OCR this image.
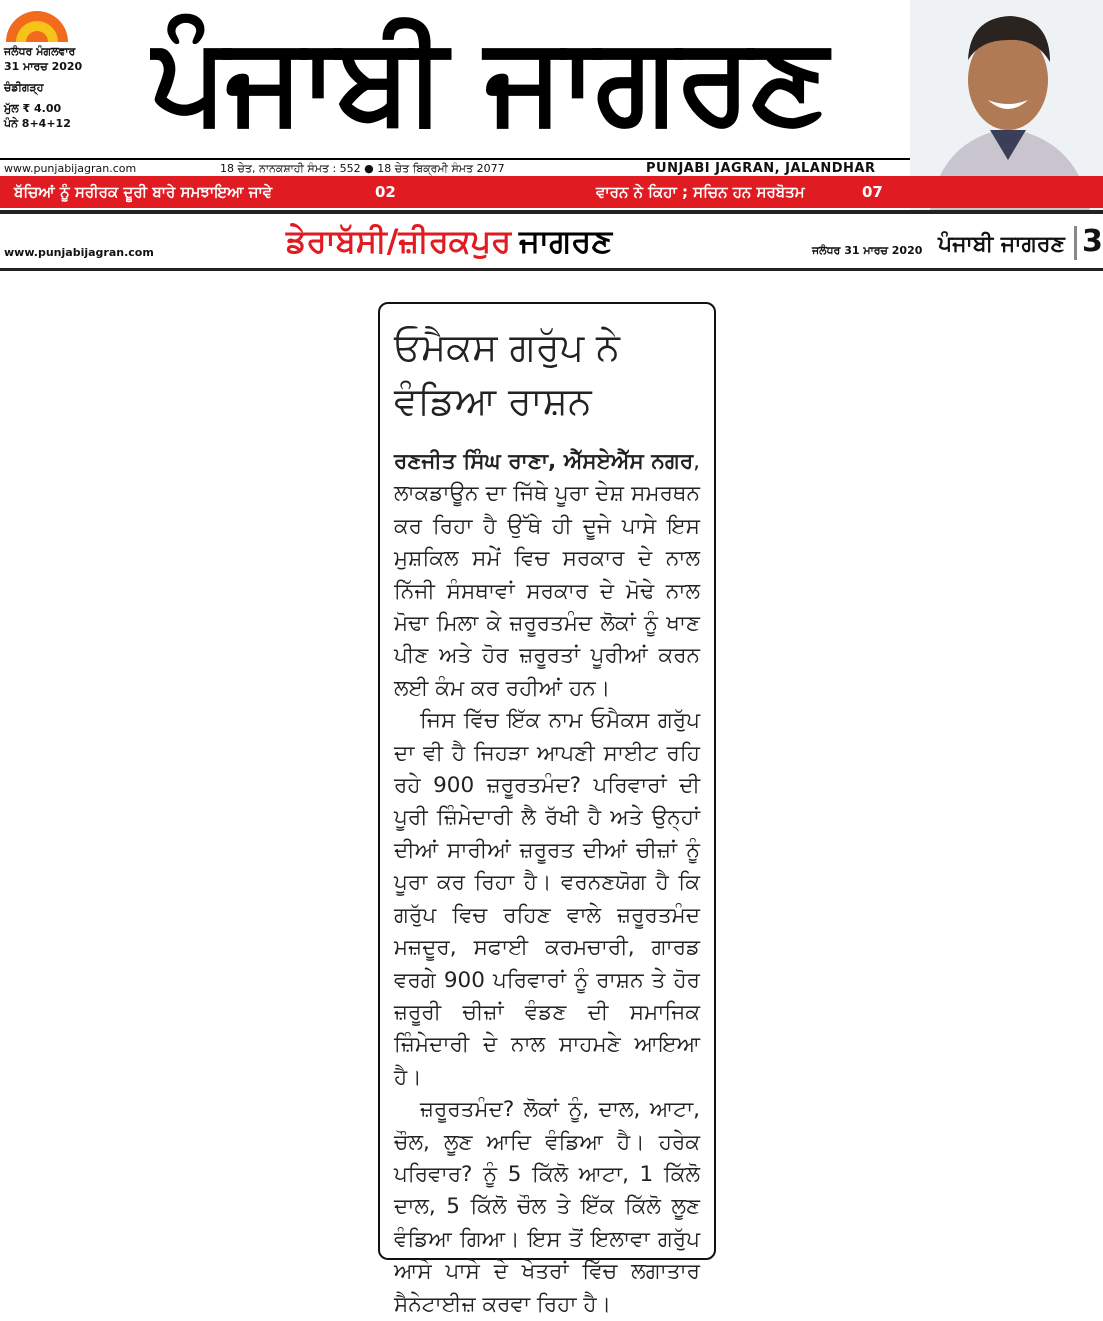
ਜਲੰਧਰ ਮੰਗਲਵਾਰ
31 ਮਾਰਚ 2020
ਚੰਡੀਗੜ੍ਹ
ਮੁੱਲ ₹ 4.00
ਪੰਨੇ 8+4+12 ਪੰਜਾਬੀ ਜਾਗਰਣ
www.punjabijagran.com	18 ਚੇਤ, ਨਾਨਕਸ਼ਾਹੀ ਸੰਮਤ : 552 ● 18 ਚੇਤ ਬਿਕ੍ਰਮੀ ਸੰਮਤ 2077	PUNJABI JAGRAN, JALANDHAR
ਬੱਚਿਆਂ ਨੂੰ ਸਰੀਰਕ ਦੂਰੀ ਬਾਰੇ ਸਮਝਾਇਆ ਜਾਵੇ	02	ਵਾਰਨ ਨੇ ਕਿਹਾ ; ਸਚਿਨ ਹਨ ਸਰਬੋਤਮ	07
www.punjabijagran.com	ਡੇਰਾਬੱਸੀ/ਜ਼ੀਰਕਪੁਰ ਜਾਗਰਣ	ਜਲੰਧਰ 31 ਮਾਰਚ 2020 ਪੰਜਾਬੀ ਜਾਗਰਣ 3
ਓਮੈਕਸ ਗਰੁੱਪ ਨੇ
ਵੰਡਿਆ ਰਾਸ਼ਨ

ਰਣਜੀਤ ਸਿੰਘ ਰਾਣਾ, ਐੱਸਏਐੱਸ ਨਗਰ, ਲਾਕਡਾਊਨ ਦਾ ਜਿੱਥੇ ਪੂਰਾ ਦੇਸ਼ ਸਮਰਥਨ ਕਰ ਰਿਹਾ ਹੈ ਉੱਥੇ ਹੀ ਦੂਜੇ ਪਾਸੇ ਇਸ ਮੁਸ਼ਕਿਲ ਸਮੇਂ ਵਿਚ ਸਰਕਾਰ ਦੇ ਨਾਲ ਨਿੱਜੀ ਸੰਸਥਾਵਾਂ ਸਰਕਾਰ ਦੇ ਮੋਢੇ ਨਾਲ ਮੋਢਾ ਮਿਲਾ ਕੇ ਜ਼ਰੂਰਤਮੰਦ ਲੋਕਾਂ ਨੂੰ ਖਾਣ ਪੀਣ ਅਤੇ ਹੋਰ ਜ਼ਰੂਰਤਾਂ ਪੂਰੀਆਂ ਕਰਨ ਲਈ ਕੰਮ ਕਰ ਰਹੀਆਂ ਹਨ।

ਜਿਸ ਵਿੱਚ ਇੱਕ ਨਾਮ ਓਮੈਕਸ ਗਰੁੱਪ ਦਾ ਵੀ ਹੈ ਜਿਹੜਾ ਆਪਣੀ ਸਾਈਟ ਰਹਿ ਰਹੇ 900 ਜ਼ਰੂਰਤਮੰਦ? ਪਰਿਵਾਰਾਂ ਦੀ ਪੂਰੀ ਜ਼ਿੰਮੇਦਾਰੀ ਲੈ ਰੱਖੀ ਹੈ ਅਤੇ ਉਨ੍ਹਾਂ ਦੀਆਂ ਸਾਰੀਆਂ ਜ਼ਰੂਰਤ ਦੀਆਂ ਚੀਜ਼ਾਂ ਨੂੰ ਪੂਰਾ ਕਰ ਰਿਹਾ ਹੈ। ਵਰਨਣਯੋਗ ਹੈ ਕਿ ਗਰੁੱਪ ਵਿਚ ਰਹਿਣ ਵਾਲੇ ਜ਼ਰੂਰਤਮੰਦ ਮਜ਼ਦੂਰ, ਸਫਾਈ ਕਰਮਚਾਰੀ, ਗਾਰਡ ਵਰਗੇ 900 ਪਰਿਵਾਰਾਂ ਨੂੰ ਰਾਸ਼ਨ ਤੇ ਹੋਰ ਜ਼ਰੂਰੀ ਚੀਜ਼ਾਂ ਵੰਡਣ ਦੀ ਸਮਾਜਿਕ ਜ਼ਿੰਮੇਦਾਰੀ ਦੇ ਨਾਲ ਸਾਹਮਣੇ ਆਇਆ ਹੈ।

ਜ਼ਰੂਰਤਮੰਦ? ਲੋਕਾਂ ਨੂੰ, ਦਾਲ, ਆਟਾ, ਚੌਲ, ਲੂਣ ਆਦਿ ਵੰਡਿਆ ਹੈ। ਹਰੇਕ ਪਰਿਵਾਰ? ਨੂੰ 5 ਕਿੱਲੋ ਆਟਾ, 1 ਕਿੱਲੋ ਦਾਲ, 5 ਕਿੱਲੋ ਚੌਲ ਤੇ ਇੱਕ ਕਿੱਲੋ ਲੂਣ ਵੰਡਿਆ ਗਿਆ। ਇਸ ਤੋਂ ਇਲਾਵਾ ਗਰੁੱਪ ਆਸੇ ਪਾਸੇ ਦੇ ਖੇਤਰਾਂ ਵਿੱਚ ਲਗਾਤਾਰ ਸੈਨੇਟਾਈਜ਼ ਕਰਵਾ ਰਿਹਾ ਹੈ।
